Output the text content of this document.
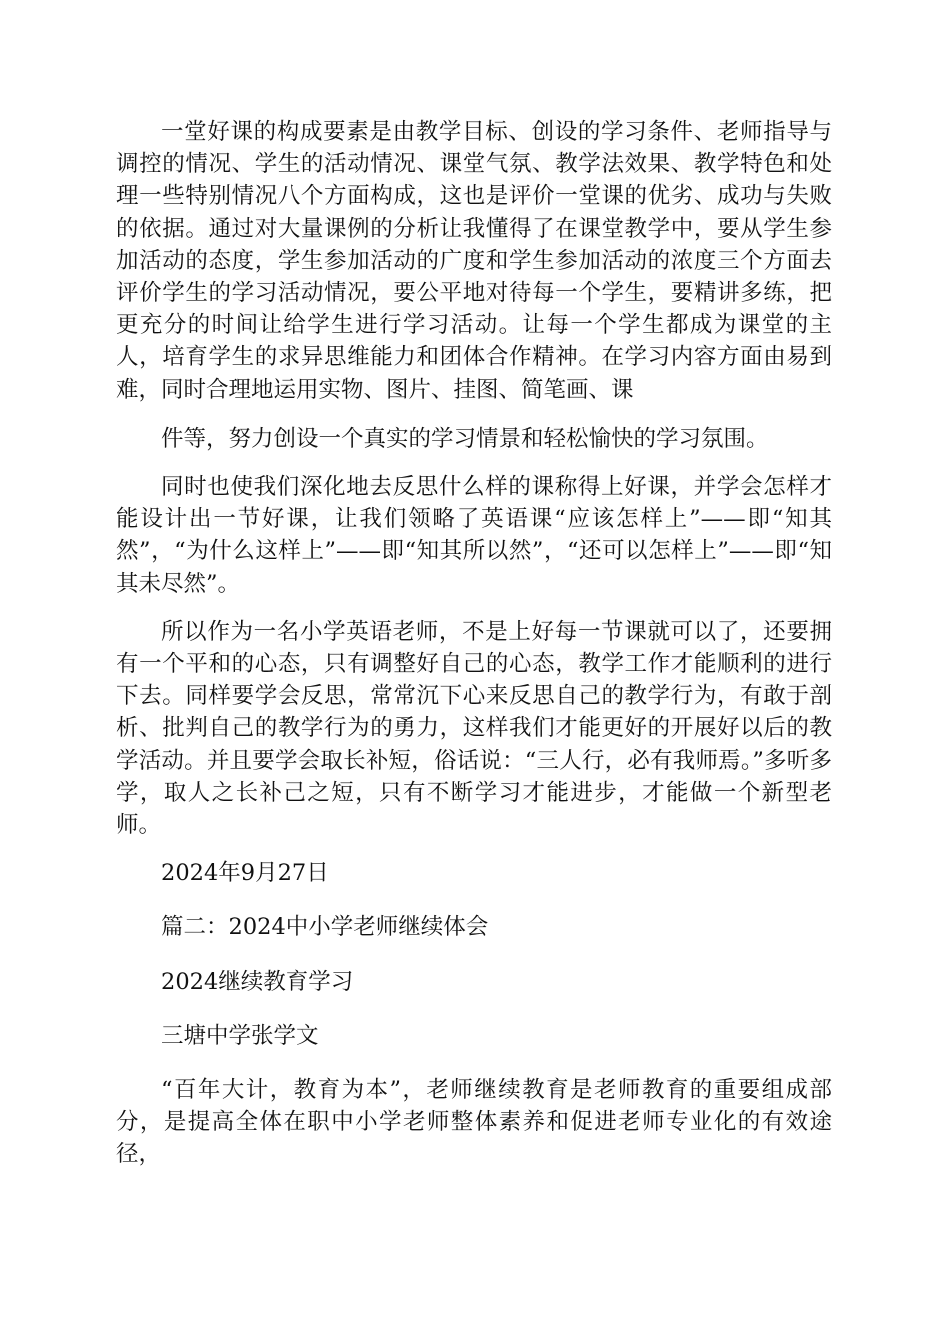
一堂好课的构成要素是由教学目标、创设的学习条件、老师指导与调控的情况、学生的活动情况、课堂气氛、教学法效果、教学特色和处理一些特别情况八个方面构成，这也是评价一堂课的优劣、成功与失败的依据。通过对大量课例的分析让我懂得了在课堂教学中，要从学生参加活动的态度，学生参加活动的广度和学生参加活动的浓度三个方面去评价学生的学习活动情况，要公平地对待每一个学生，要精讲多练，把更充分的时间让给学生进行学习活动。让每一个学生都成为课堂的主人，培育学生的求异思维能力和团体合作精神。在学习内容方面由易到难，同时合理地运用实物、图片、挂图、简笔画、课

件等，努力创设一个真实的学习情景和轻松愉快的学习氛围。

同时也使我们深化地去反思什么样的课称得上好课，并学会怎样才能设计出一节好课，让我们领略了英语课“应该怎样上”——即“知其然”，“为什么这样上”——即“知其所以然”，“还可以怎样上”——即“知其未尽然”。

所以作为一名小学英语老师，不是上好每一节课就可以了，还要拥有一个平和的心态，只有调整好自己的心态，教学工作才能顺利的进行下去。同样要学会反思，常常沉下心来反思自己的教学行为，有敢于剖析、批判自己的教学行为的勇力，这样我们才能更好的开展好以后的教学活动。并且要学会取长补短，俗话说：“三人行，必有我师焉。”多听多学，取人之长补己之短，只有不断学习才能进步，才能做一个新型老师。

2024年9月27日

篇二：2024中小学老师继续体会

2024继续教育学习

三塘中学张学文

“百年大计，教育为本”，老师继续教育是老师教育的重要组成部分，是提高全体在职中小学老师整体素养和促进老师专业化的有效途径，
